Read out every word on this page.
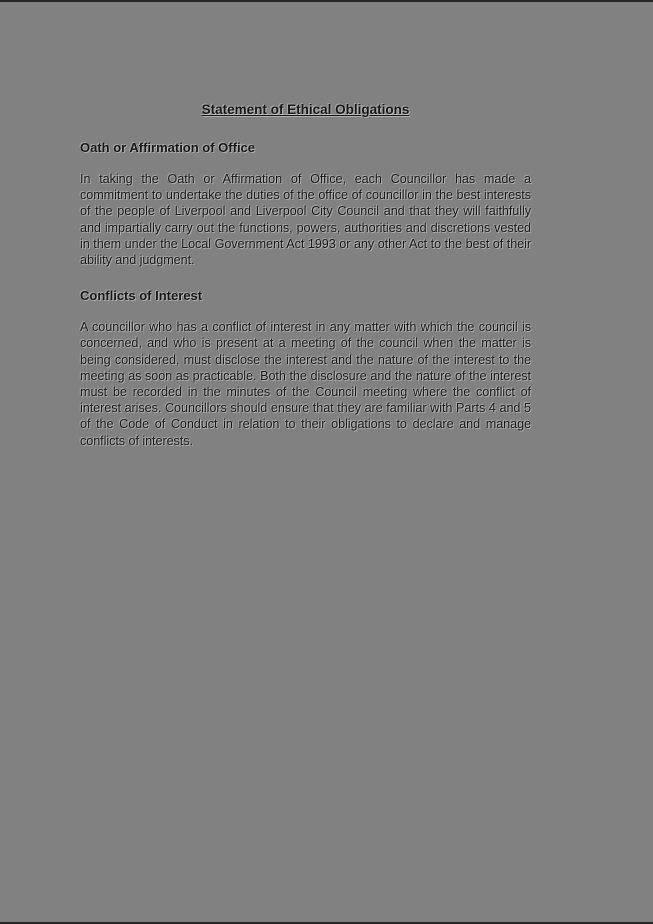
Statement of Ethical Obligations
Oath or Affirmation of Office

In taking the Oath or Affirmation of Office, each Councillor has made a commitment to undertake the duties of the office of councillor in the best interests of the people of Liverpool and Liverpool City Council and that they will faithfully and impartially carry out the functions, powers, authorities and discretions vested in them under the Local Government Act 1993 or any other Act to the best of their ability and judgment.

Conflicts of Interest

A councillor who has a conflict of interest in any matter with which the council is concerned, and who is present at a meeting of the council when the matter is being considered, must disclose the interest and the nature of the interest to the meeting as soon as practicable. Both the disclosure and the nature of the interest must be recorded in the minutes of the Council meeting where the conflict of interest arises. Councillors should ensure that they are familiar with Parts 4 and 5 of the Code of Conduct in relation to their obligations to declare and manage conflicts of interests.
